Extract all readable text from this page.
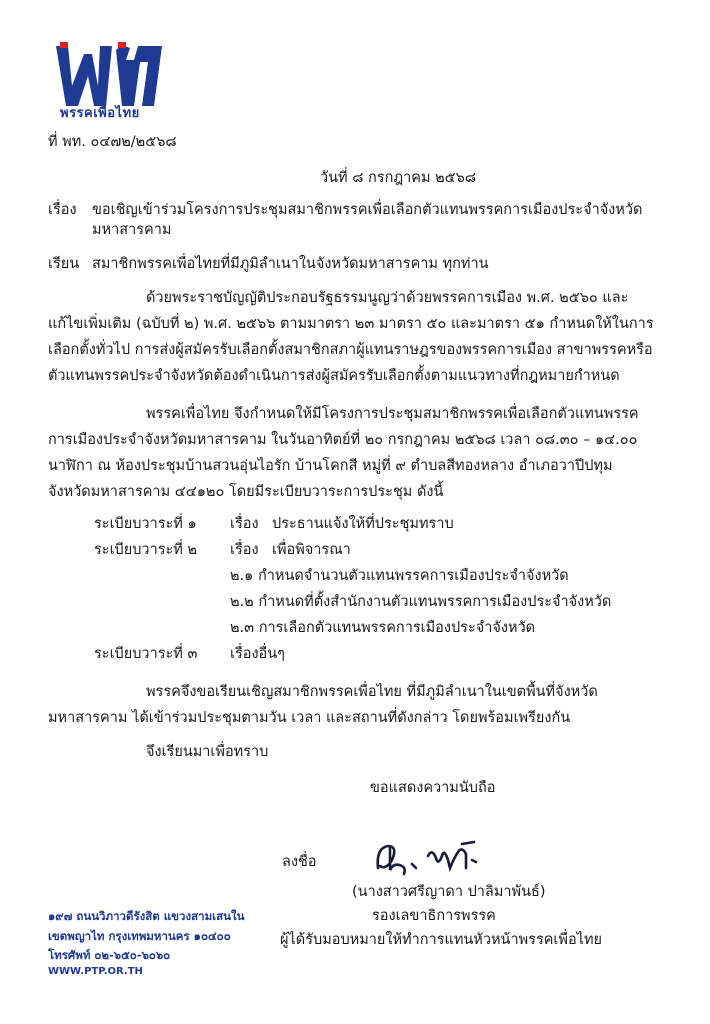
พรรคเพื่อไทย
ที่ พท. ๐๔๗๒/๒๕๖๘
วันที่ ๘ กรกฎาคม ๒๕๖๘
เรื่อง ขอเชิญเข้าร่วมโครงการประชุมสมาชิกพรรคเพื่อเลือกตัวแทนพรรคการเมืองประจำจังหวัด
มหาสารคาม
เรียน สมาชิกพรรคเพื่อไทยที่มีภูมิลำเนาในจังหวัดมหาสารคาม ทุกท่าน
ด้วยพระราชบัญญัติประกอบรัฐธรรมนูญว่าด้วยพรรคการเมือง พ.ศ. ๒๕๖๐ และ
แก้ไขเพิ่มเติม (ฉบับที่ ๒) พ.ศ. ๒๕๖๖ ตามมาตรา ๒๓ มาตรา ๕๐ และมาตรา ๕๑ กำหนดให้ในการ
เลือกตั้งทั่วไป การส่งผู้สมัครรับเลือกตั้งสมาชิกสภาผู้แทนราษฎรของพรรคการเมือง สาขาพรรคหรือ
ตัวแทนพรรคประจำจังหวัดต้องดำเนินการส่งผู้สมัครรับเลือกตั้งตามแนวทางที่กฎหมายกำหนด
พรรคเพื่อไทย จึงกำหนดให้มีโครงการประชุมสมาชิกพรรคเพื่อเลือกตัวแทนพรรค
การเมืองประจำจังหวัดมหาสารคาม ในวันอาทิตย์ที่ ๒๐ กรกฎาคม ๒๕๖๘ เวลา ๐๘.๓๐ – ๑๔.๐๐
นาฬิกา ณ ห้องประชุมบ้านสวนอุ่นไอรัก บ้านโคกสี หมู่ที่ ๙ ตำบลสีทองหลาง อำเภอวาปีปทุม
จังหวัดมหาสารคาม ๔๔๑๒๐ โดยมีระเบียบวาระการประชุม ดังนี้
ระเบียบวาระที่ ๑ เรื่อง ประธานแจ้งให้ที่ประชุมทราบ
ระเบียบวาระที่ ๒ เรื่อง เพื่อพิจารณา
๒.๑ กำหนดจำนวนตัวแทนพรรคการเมืองประจำจังหวัด
๒.๒ กำหนดที่ตั้งสำนักงานตัวแทนพรรคการเมืองประจำจังหวัด
๒.๓ การเลือกตัวแทนพรรคการเมืองประจำจังหวัด
ระเบียบวาระที่ ๓ เรื่องอื่นๆ
พรรคจึงขอเรียนเชิญสมาชิกพรรคเพื่อไทย ที่มีภูมิลำเนาในเขตพื้นที่จังหวัด
มหาสารคาม ได้เข้าร่วมประชุมตามวัน เวลา และสถานที่ดังกล่าว โดยพร้อมเพรียงกัน
จึงเรียนมาเพื่อทราบ
ขอแสดงความนับถือ
ลงชื่อ
(นางสาวศรีญาดา ปาลิมาพันธ์)
รองเลขาธิการพรรค
ผู้ได้รับมอบหมายให้ทำการแทนหัวหน้าพรรคเพื่อไทย
๑๙๗ ถนนวิภาวดีรังสิต แขวงสามเสนใน
เขตพญาไท กรุงเทพมหานคร ๑๐๔๐๐
โทรศัพท์ ๐๒-๖๕๐-๖๐๖๐
WWW.PTP.OR.TH
